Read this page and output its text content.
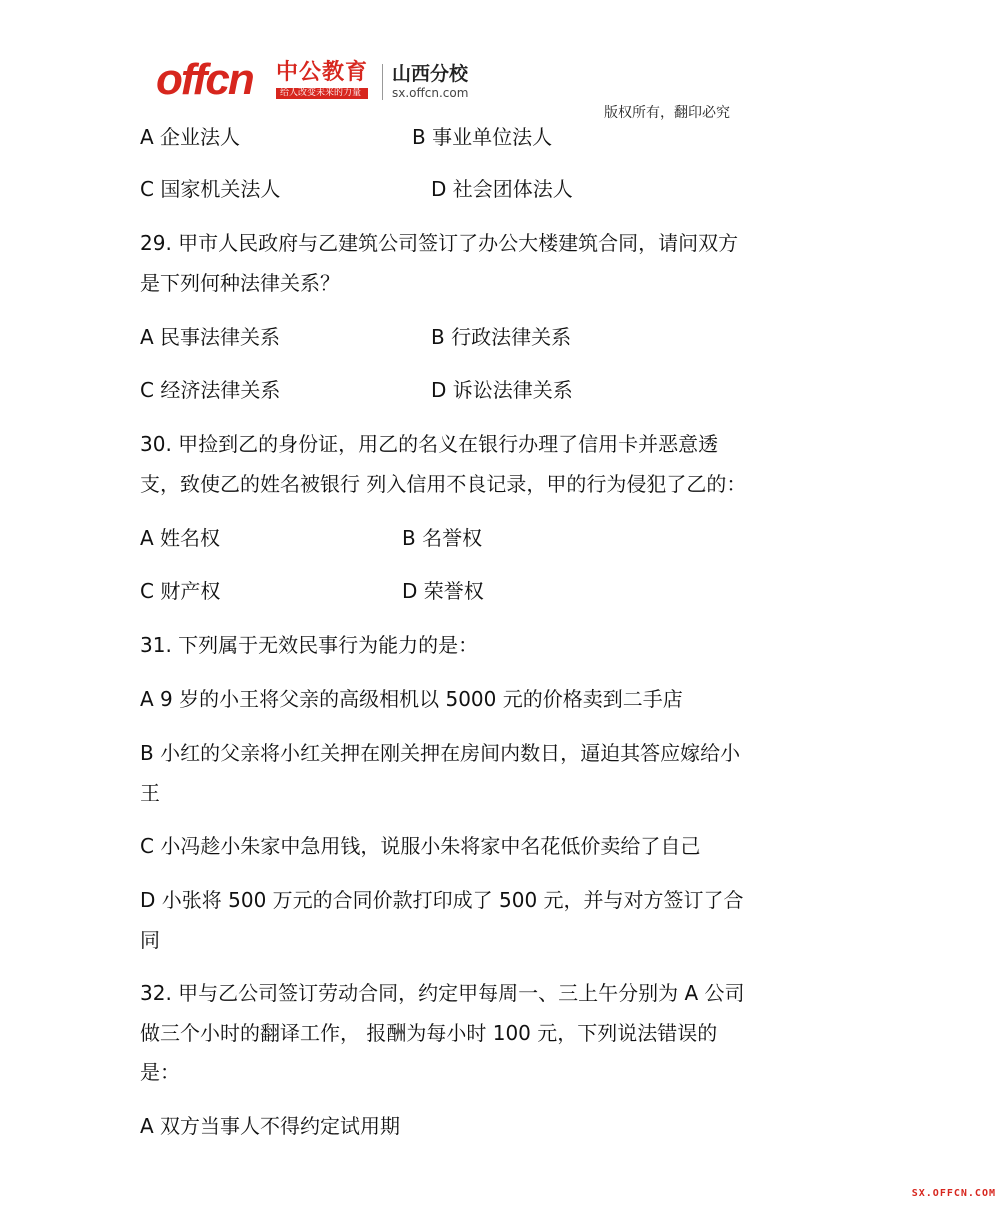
offcn 中公教育
给人改变未来的力量
山西分校
sx.offcn.com
版权所有，翻印必究
A 企业法人	B 事业单位法人
C 国家机关法人	D 社会团体法人
29. 甲市人民政府与乙建筑公司签订了办公大楼建筑合同，请问双方
是下列何种法律关系？
A 民事法律关系	B 行政法律关系
C 经济法律关系	D 诉讼法律关系
30. 甲捡到乙的身份证，用乙的名义在银行办理了信用卡并恶意透
支，致使乙的姓名被银行 列入信用不良记录，甲的行为侵犯了乙的：
A 姓名权	B 名誉权
C 财产权	D 荣誉权
31. 下列属于无效民事行为能力的是：
A 9 岁的小王将父亲的高级相机以 5000 元的价格卖到二手店
B 小红的父亲将小红关押在刚关押在房间内数日，逼迫其答应嫁给小
王
C 小冯趁小朱家中急用钱，说服小朱将家中名花低价卖给了自己
D 小张将 500 万元的合同价款打印成了 500 元，并与对方签订了合
同
32. 甲与乙公司签订劳动合同，约定甲每周一、三上午分别为 A 公司
做三个小时的翻译工作， 报酬为每小时 100 元，下列说法错误的
是：
A 双方当事人不得约定试用期
SX.OFFCN.COM
